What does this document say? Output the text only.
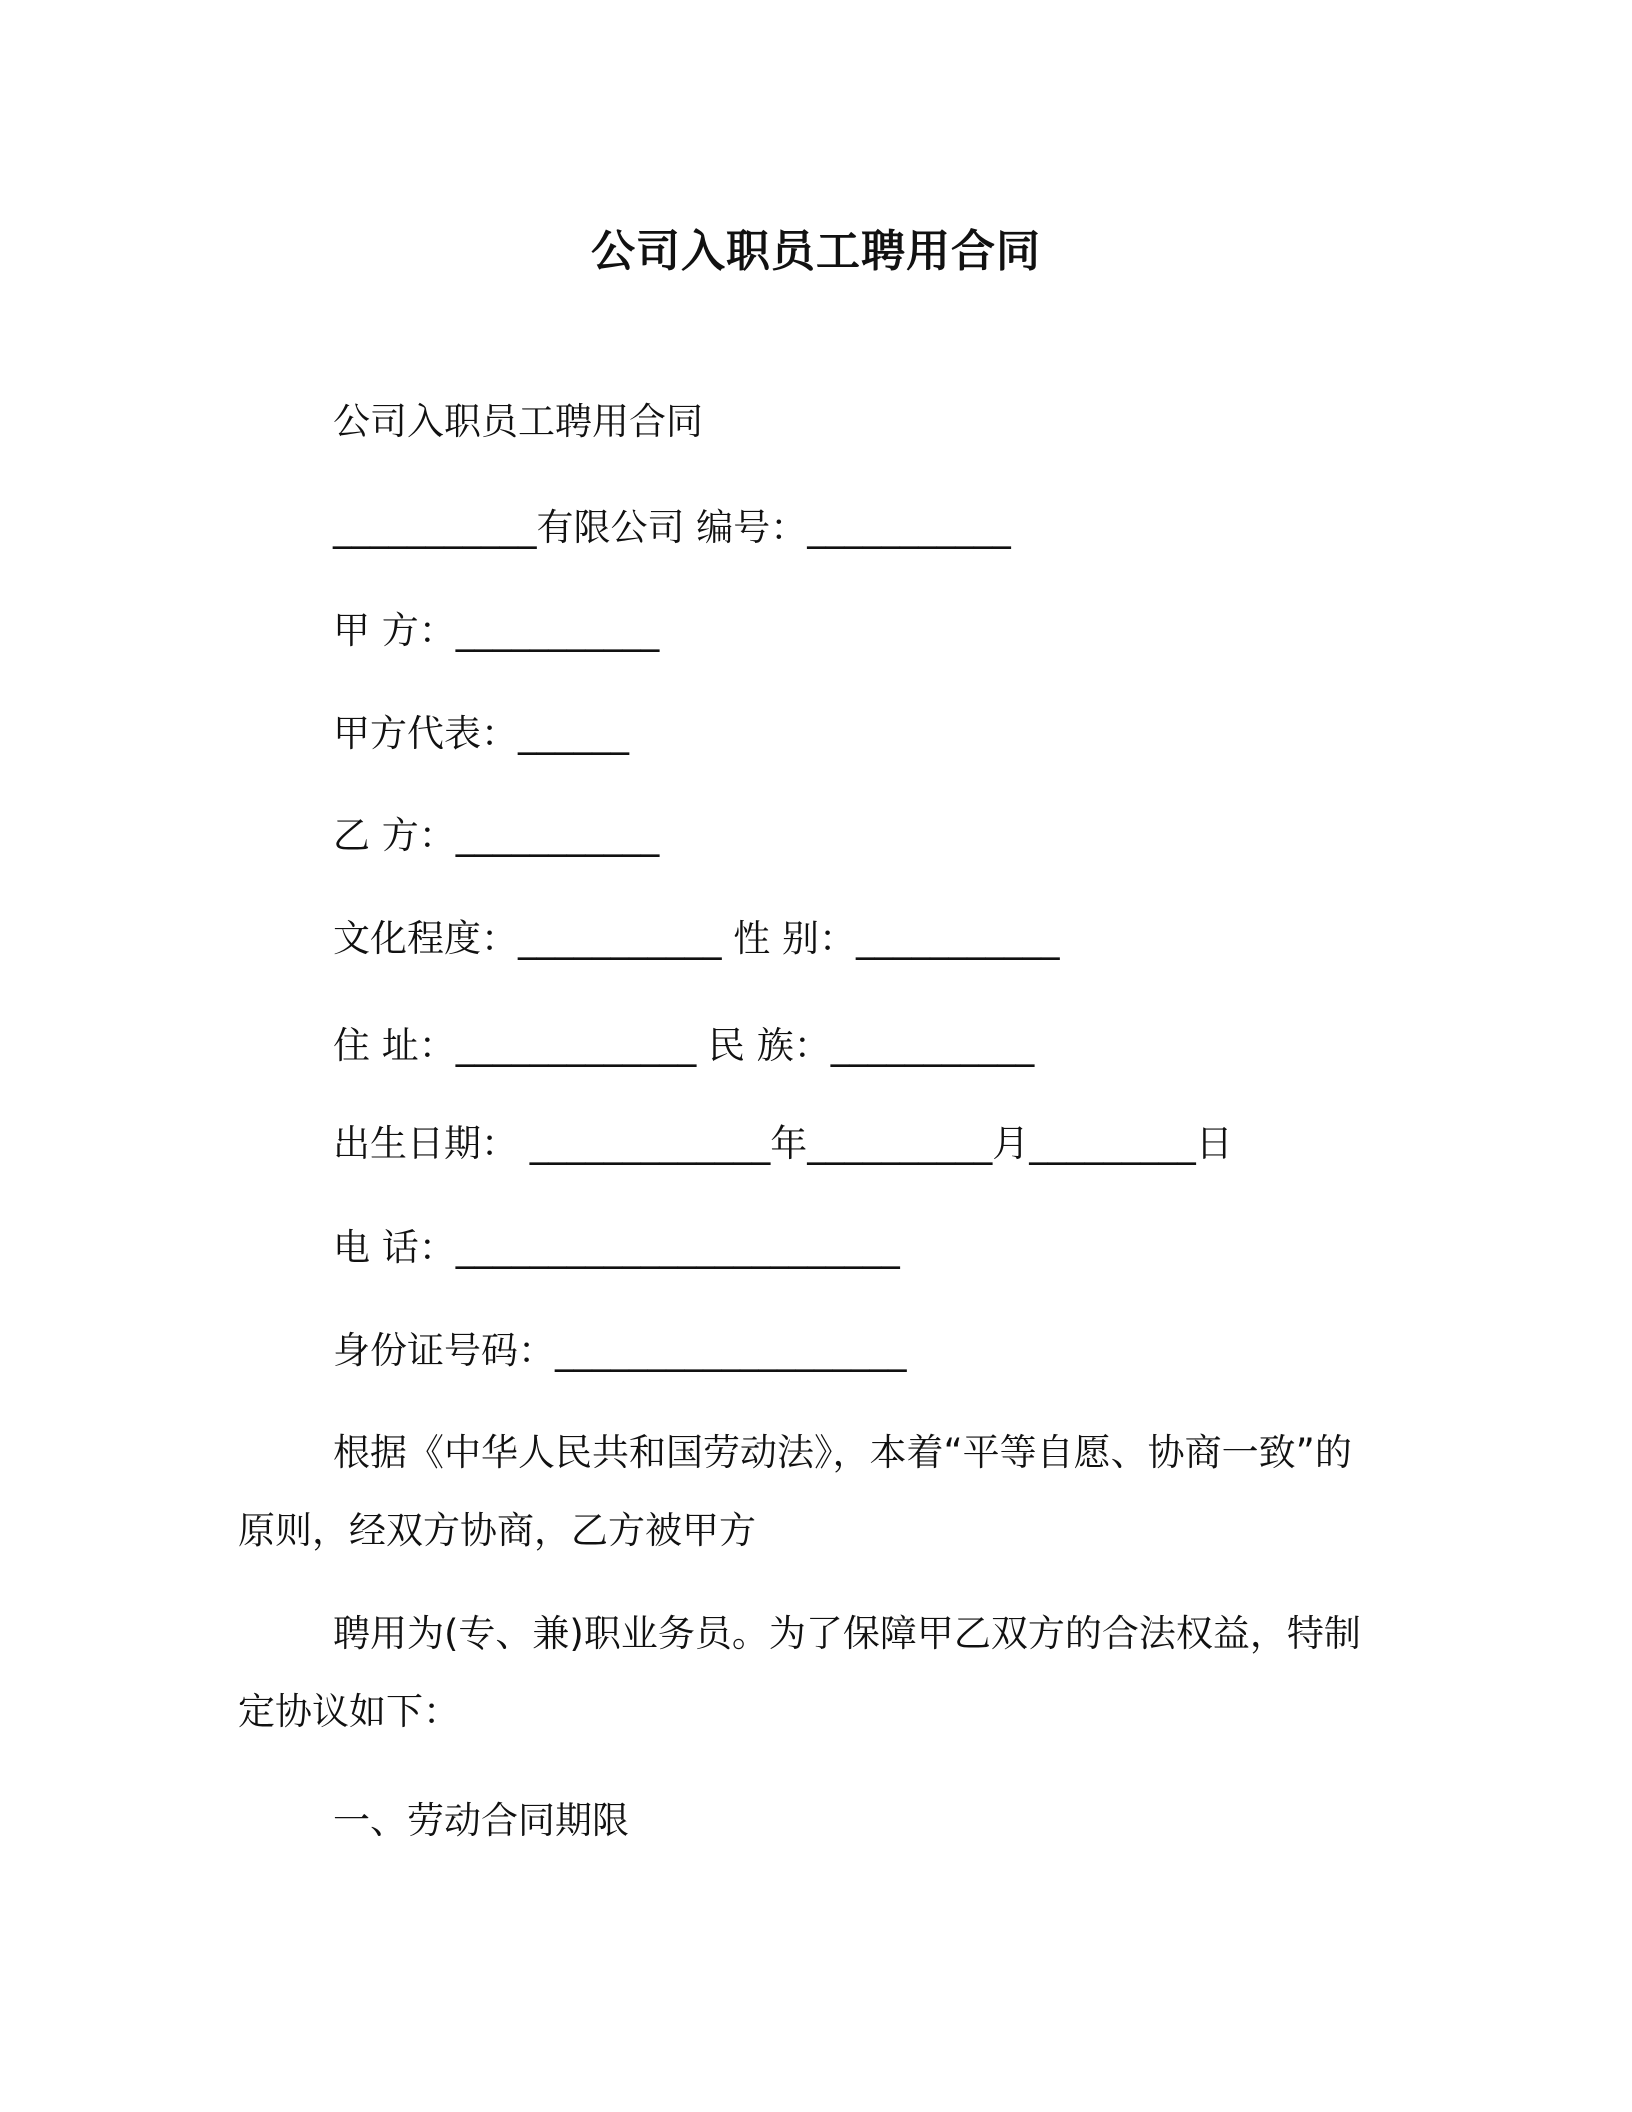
公司入职员工聘用合同
公司入职员工聘用合同
___________有限公司 编号：___________
甲 方：___________
甲方代表：______
乙 方：___________
文化程度：___________ 性 别：___________
住 址：_____________ 民 族：___________
出生日期： _____________年__________月_________日
电 话：________________________
身份证号码：___________________
根据《中华人民共和国劳动法》，本着“平等自愿、协商一致”的原则，经双方协商，乙方被甲方
聘用为(专、兼)职业务员。为了保障甲乙双方的合法权益，特制定协议如下：
一、劳动合同期限
